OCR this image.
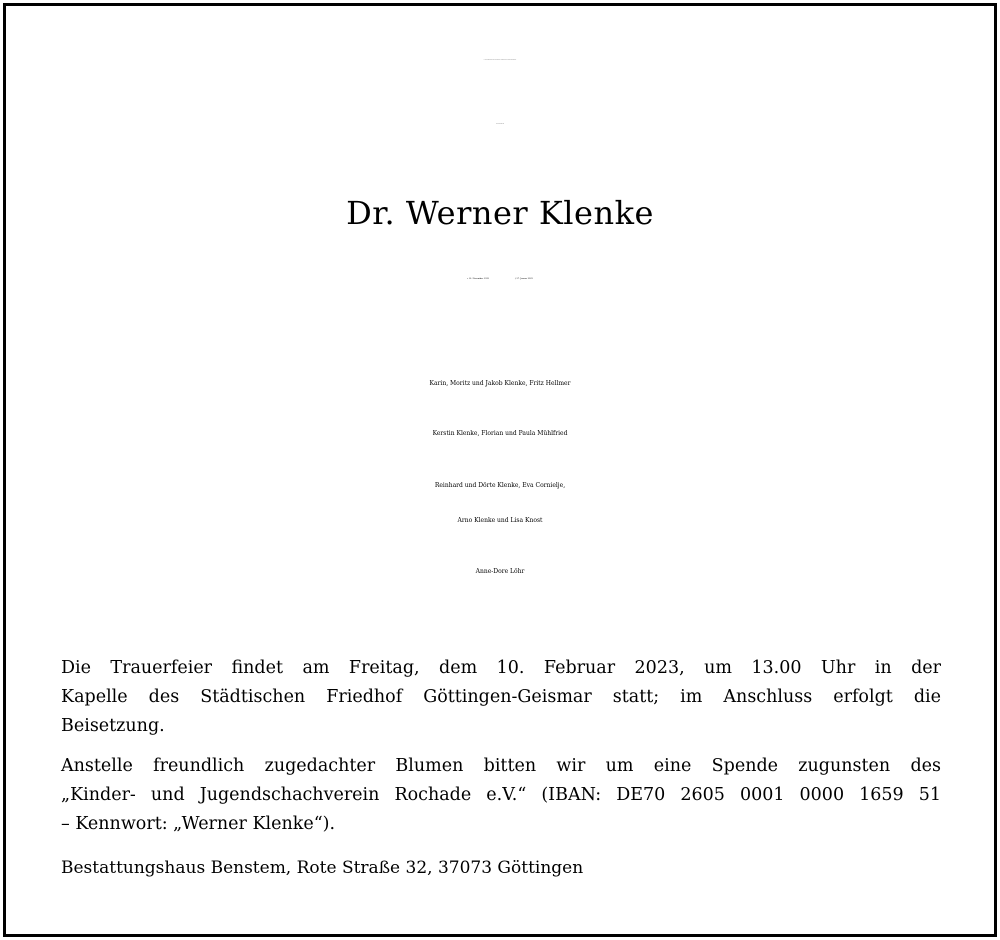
Ein freundlicher und zufriedener Mensch ist von uns gegangen.
Wir trauern um
Dr. Werner Klenke
⁎ 14. November 1932	† 27. Januar 2023
Karin, Moritz und Jakob Klenke, Fritz Hellmer
Kerstin Klenke, Florian und Paula Mühlfried
Reinhard und Dörte Klenke, Eva Cornielje,
Arno Klenke und Lisa Knost
Anne-Dore Löhr
Die Trauerfeier findet am Freitag, dem 10. Februar 2023, um 13.00 Uhr in der
Kapelle des Städtischen Friedhof Göttingen-Geismar statt; im Anschluss erfolgt die
Beisetzung.
Anstelle freundlich zugedachter Blumen bitten wir um eine Spende zugunsten des
„Kinder- und Jugendschachverein Rochade e.V.“ (IBAN: DE70 2605 0001 0000 1659 51
– Kennwort: „Werner Klenke“).
Bestattungshaus Benstem, Rote Straße 32, 37073 Göttingen
